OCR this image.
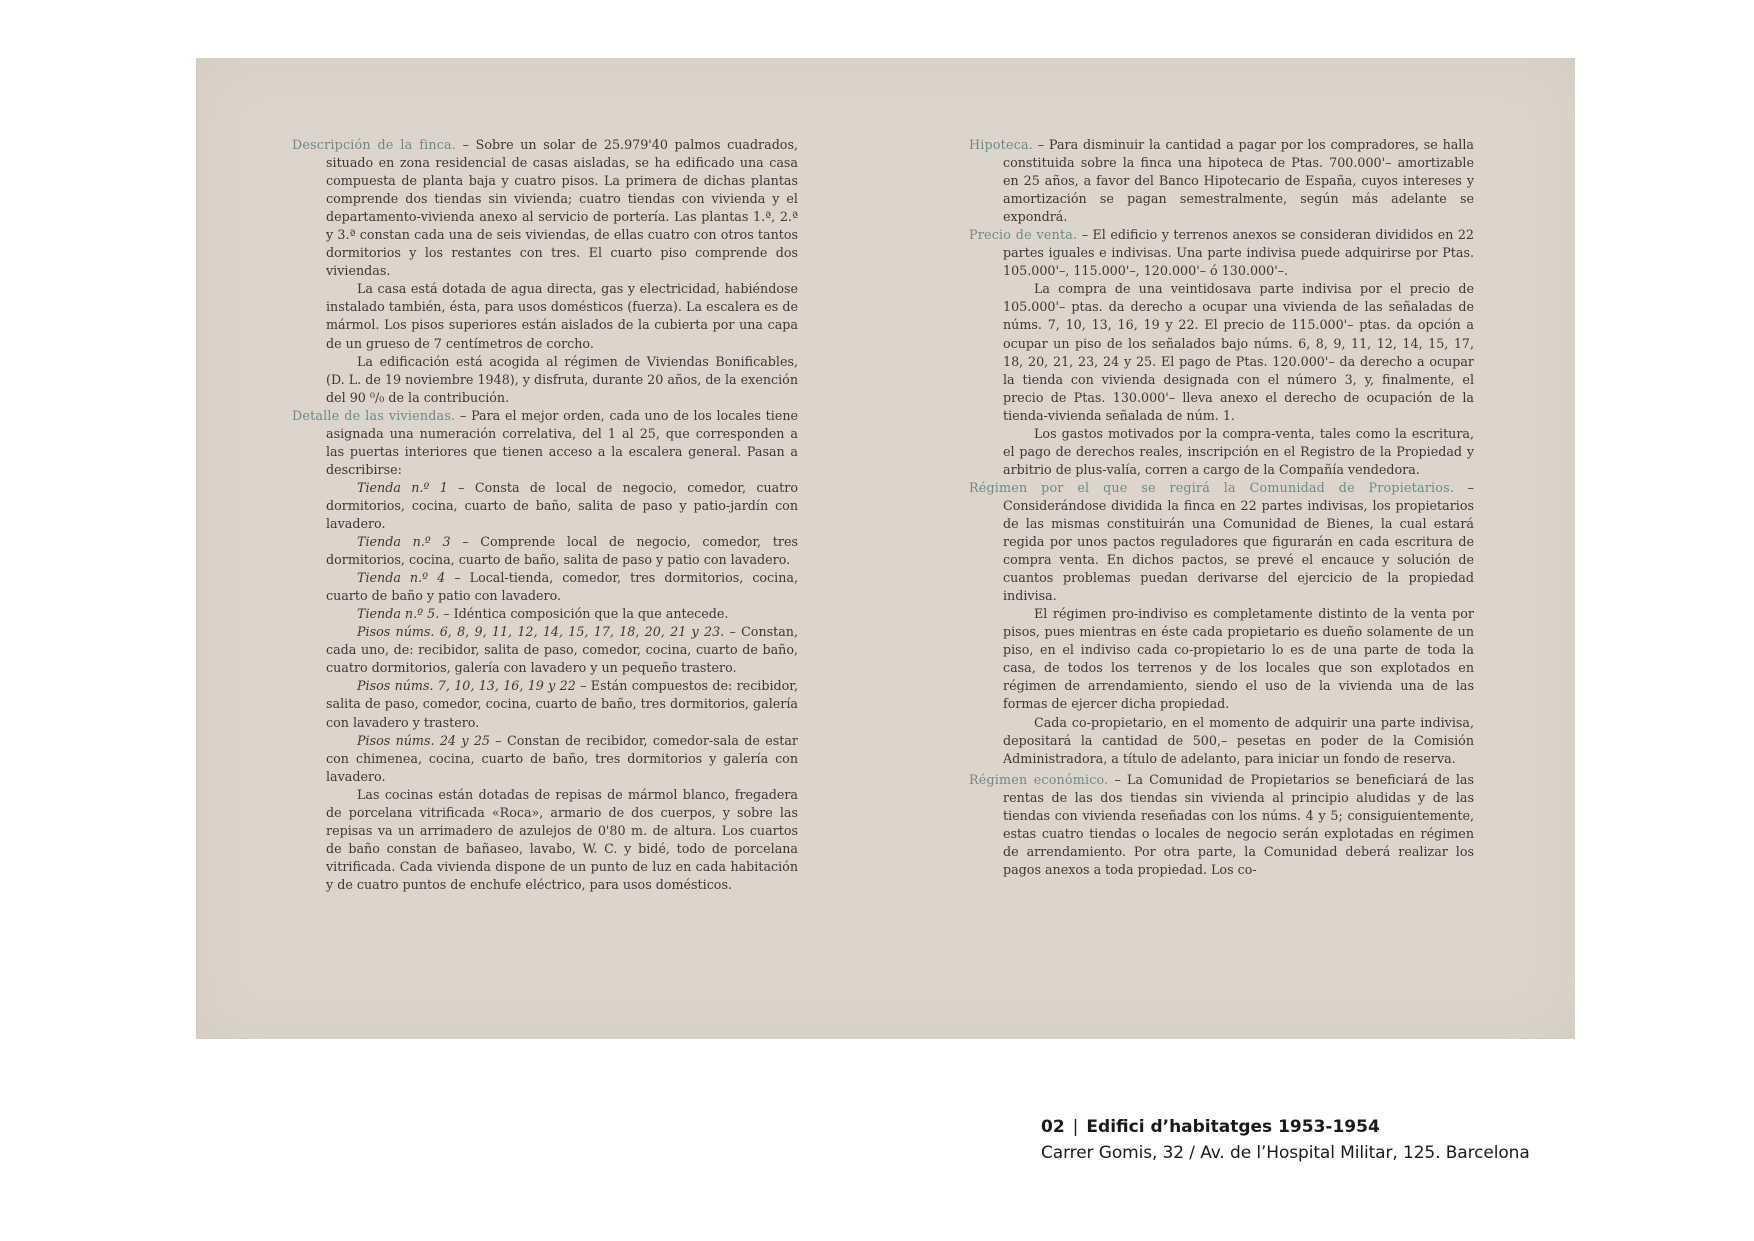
Descripción de la finca. – Sobre un solar de 25.979'40 palmos cuadrados, situado en zona residencial de casas aisladas, se ha edificado una casa compuesta de planta baja y cuatro pisos. La primera de dichas plantas comprende dos tiendas sin vivienda; cuatro tiendas con vivienda y el departamento-vivienda anexo al servicio de portería. Las plantas 1.ª, 2.ª y 3.ª constan cada una de seis viviendas, de ellas cuatro con otros tantos dormitorios y los restantes con tres. El cuarto piso comprende dos viviendas.

La casa está dotada de agua directa, gas y electricidad, habiéndose instalado también, ésta, para usos domésticos (fuerza). La escalera es de mármol. Los pisos superiores están aislados de la cubierta por una capa de un grueso de 7 centímetros de corcho.

La edificación está acogida al régimen de Viviendas Bonificables, (D. L. de 19 noviembre 1948), y disfruta, durante 20 años, de la exención del 90 ⁰/₀ de la contribución.

Detalle de las viviendas. – Para el mejor orden, cada uno de los locales tiene asignada una numeración correlativa, del 1 al 25, que corresponden a las puertas interiores que tienen acceso a la escalera general. Pasan a describirse:

Tienda n.º 1 – Consta de local de negocio, comedor, cuatro dormitorios, cocina, cuarto de baño, salita de paso y patio-jardín con lavadero.

Tienda n.º 3 – Comprende local de negocio, comedor, tres dormitorios, cocina, cuarto de baño, salita de paso y patio con lavadero.

Tienda n.º 4 – Local-tienda, comedor, tres dormitorios, cocina, cuarto de baño y patio con lavadero.

Tienda n.º 5. – Idéntica composición que la que antecede.

Pisos núms. 6, 8, 9, 11, 12, 14, 15, 17, 18, 20, 21 y 23. – Constan, cada uno, de: recibidor, salita de paso, comedor, cocina, cuarto de baño, cuatro dormitorios, galería con lavadero y un pequeño trastero.

Pisos núms. 7, 10, 13, 16, 19 y 22 – Están compuestos de: recibidor, salita de paso, comedor, cocina, cuarto de baño, tres dormitorios, galería con lavadero y trastero.

Pisos núms. 24 y 25 – Constan de recibidor, comedor-sala de estar con chimenea, cocina, cuarto de baño, tres dormitorios y galería con lavadero.

Las cocinas están dotadas de repisas de mármol blanco, fregadera de porcelana vitrificada «Roca», armario de dos cuerpos, y sobre las repisas va un arrimadero de azulejos de 0'80 m. de altura. Los cuartos de baño constan de bañaseo, lavabo, W. C. y bidé, todo de porcelana vitrificada. Cada vivienda dispone de un punto de luz en cada habitación y de cuatro puntos de enchufe eléctrico, para usos domésticos.

Hipoteca. – Para disminuir la cantidad a pagar por los compradores, se halla constituida sobre la finca una hipoteca de Ptas. 700.000'– amortizable en 25 años, a favor del Banco Hipotecario de España, cuyos intereses y amortización se pagan semestralmente, según más adelante se expondrá.

Precio de venta. – El edificio y terrenos anexos se consideran divididos en 22 partes iguales e indivisas. Una parte indivisa puede adquirirse por Ptas. 105.000'–, 115.000'–, 120.000'– ó 130.000'–.

La compra de una veintidosava parte indivisa por el precio de 105.000'– ptas. da derecho a ocupar una vivienda de las señaladas de núms. 7, 10, 13, 16, 19 y 22. El precio de 115.000'– ptas. da opción a ocupar un piso de los señalados bajo núms. 6, 8, 9, 11, 12, 14, 15, 17, 18, 20, 21, 23, 24 y 25. El pago de Ptas. 120.000'– da derecho a ocupar la tienda con vivienda designada con el número 3, y, finalmente, el precio de Ptas. 130.000'– lleva anexo el derecho de ocupación de la tienda-vivienda señalada de núm. 1.

Los gastos motivados por la compra-venta, tales como la escritura, el pago de derechos reales, inscripción en el Registro de la Propiedad y arbitrio de plus-valía, corren a cargo de la Compañía vendedora.

Régimen por el que se regirá la Comunidad de Propietarios. – Considerándose dividida la finca en 22 partes indivisas, los propietarios de las mismas constituirán una Comunidad de Bienes, la cual estará regida por unos pactos reguladores que figurarán en cada escritura de compra venta. En dichos pactos, se prevé el encauce y solución de cuantos problemas puedan derivarse del ejercicio de la propiedad indivisa.

El régimen pro-indiviso es completamente distinto de la venta por pisos, pues mientras en éste cada propietario es dueño solamente de un piso, en el indiviso cada co-propietario lo es de una parte de toda la casa, de todos los terrenos y de los locales que son explotados en régimen de arrendamiento, siendo el uso de la vivienda una de las formas de ejercer dicha propiedad.

Cada co-propietario, en el momento de adquirir una parte indivisa, depositará la cantidad de 500,– pesetas en poder de la Comisión Administradora, a título de adelanto, para iniciar un fondo de reserva.

Régimen económico. – La Comunidad de Propietarios se beneficiará de las rentas de las dos tiendas sin vivienda al principio aludidas y de las tiendas con vivienda reseñadas con los núms. 4 y 5; consiguientemente, estas cuatro tiendas o locales de negocio serán explotadas en régimen de arrendamiento. Por otra parte, la Comunidad deberá realizar los pagos anexos a toda propiedad. Los co-

02 | Edifici d’habitatges 1953-1954
Carrer Gomis, 32 / Av. de l’Hospital Militar, 125. Barcelona
